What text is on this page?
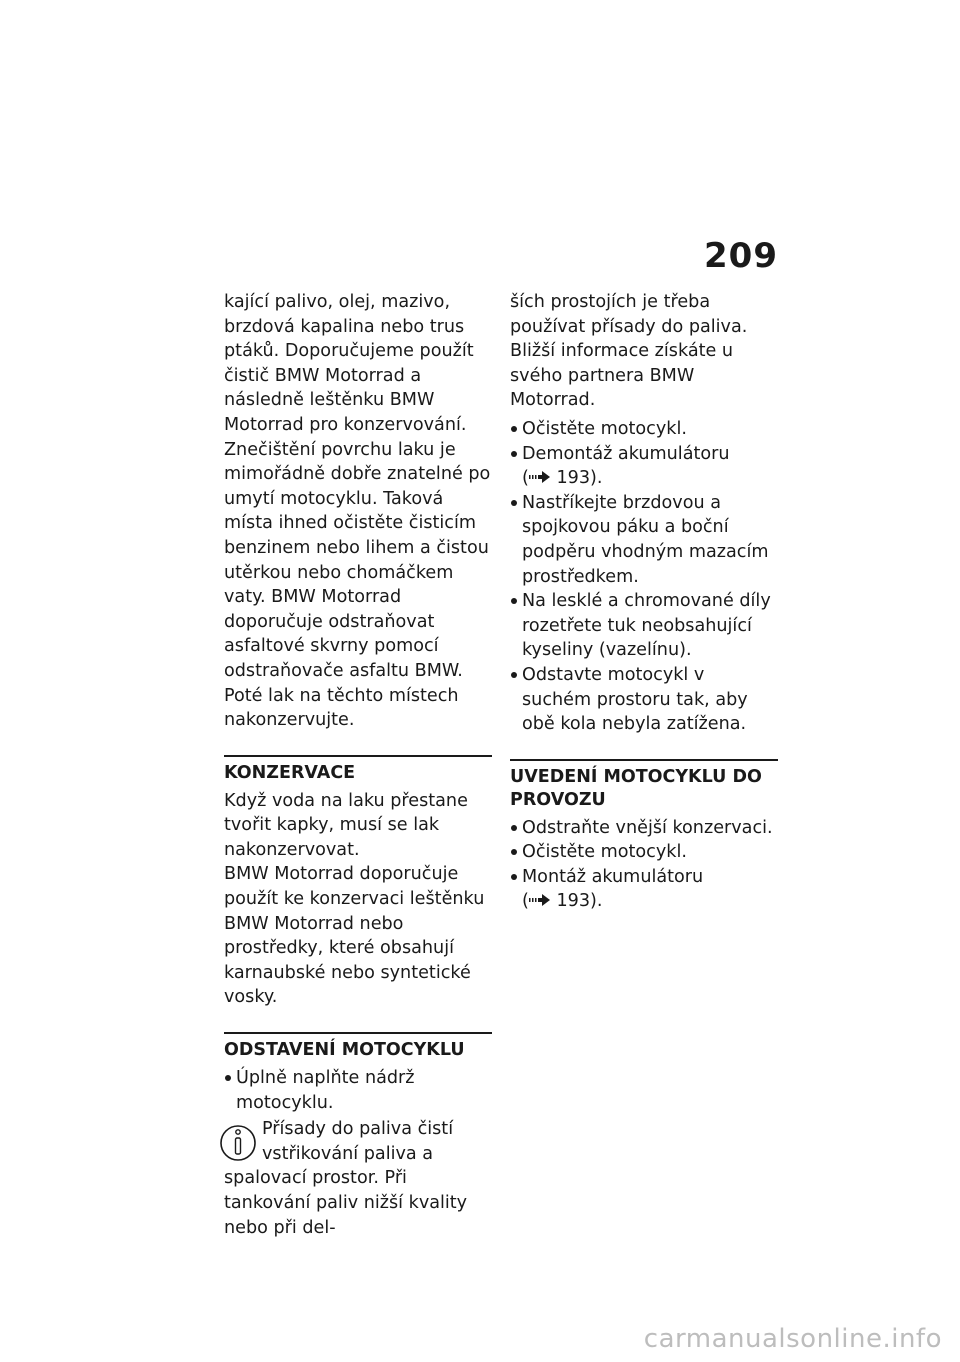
209

kající palivo, olej, mazivo, brzdová kapalina nebo trus ptáků. Doporučujeme použít čistič BMW Motorrad a následně leštěnku BMW Motorrad pro konzervování.

Znečištění povrchu laku je mimořádně dobře znatelné po umytí motocyklu. Taková místa ihned očistěte čisticím benzinem nebo lihem a čistou utěrkou nebo chomáčkem vaty. BMW Motorrad doporučuje odstraňovat asfaltové skvrny pomocí odstraňovače asfaltu BMW. Poté lak na těchto místech nakonzervujte.

KONZERVACE

Když voda na laku přestane tvořit kapky, musí se lak nakonzervovat.

BMW Motorrad doporučuje použít ke konzervaci leštěnku BMW Motorrad nebo prostředky, které obsahují karnaubské nebo syntetické vosky.

ODSTAVENÍ MOTOCYKLU
Úplně naplňte nádrž motocyklu.

Přísady do paliva čistí vstřikování paliva a spalovací prostor. Při tankování paliv nižší kvality nebo při del-

ších prostojích je třeba používat přísady do paliva. Bližší informace získáte u svého partnera BMW Motorrad.

Očistěte motocykl.
Demontáž akumulátoru
( 193).
Nastříkejte brzdovou a spojkovou páku a boční podpěru vhodným mazacím prostředkem.
Na lesklé a chromované díly rozetřete tuk neobsahující kyseliny (vazelínu).
Odstavte motocykl v suchém prostoru tak, aby obě kola nebyla zatížena.
UVEDENÍ MOTOCYKLU DO PROVOZU
Odstraňte vnější konzervaci.
Očistěte motocykl.
Montáž akumulátoru ( 193).
carmanualsonline.info
